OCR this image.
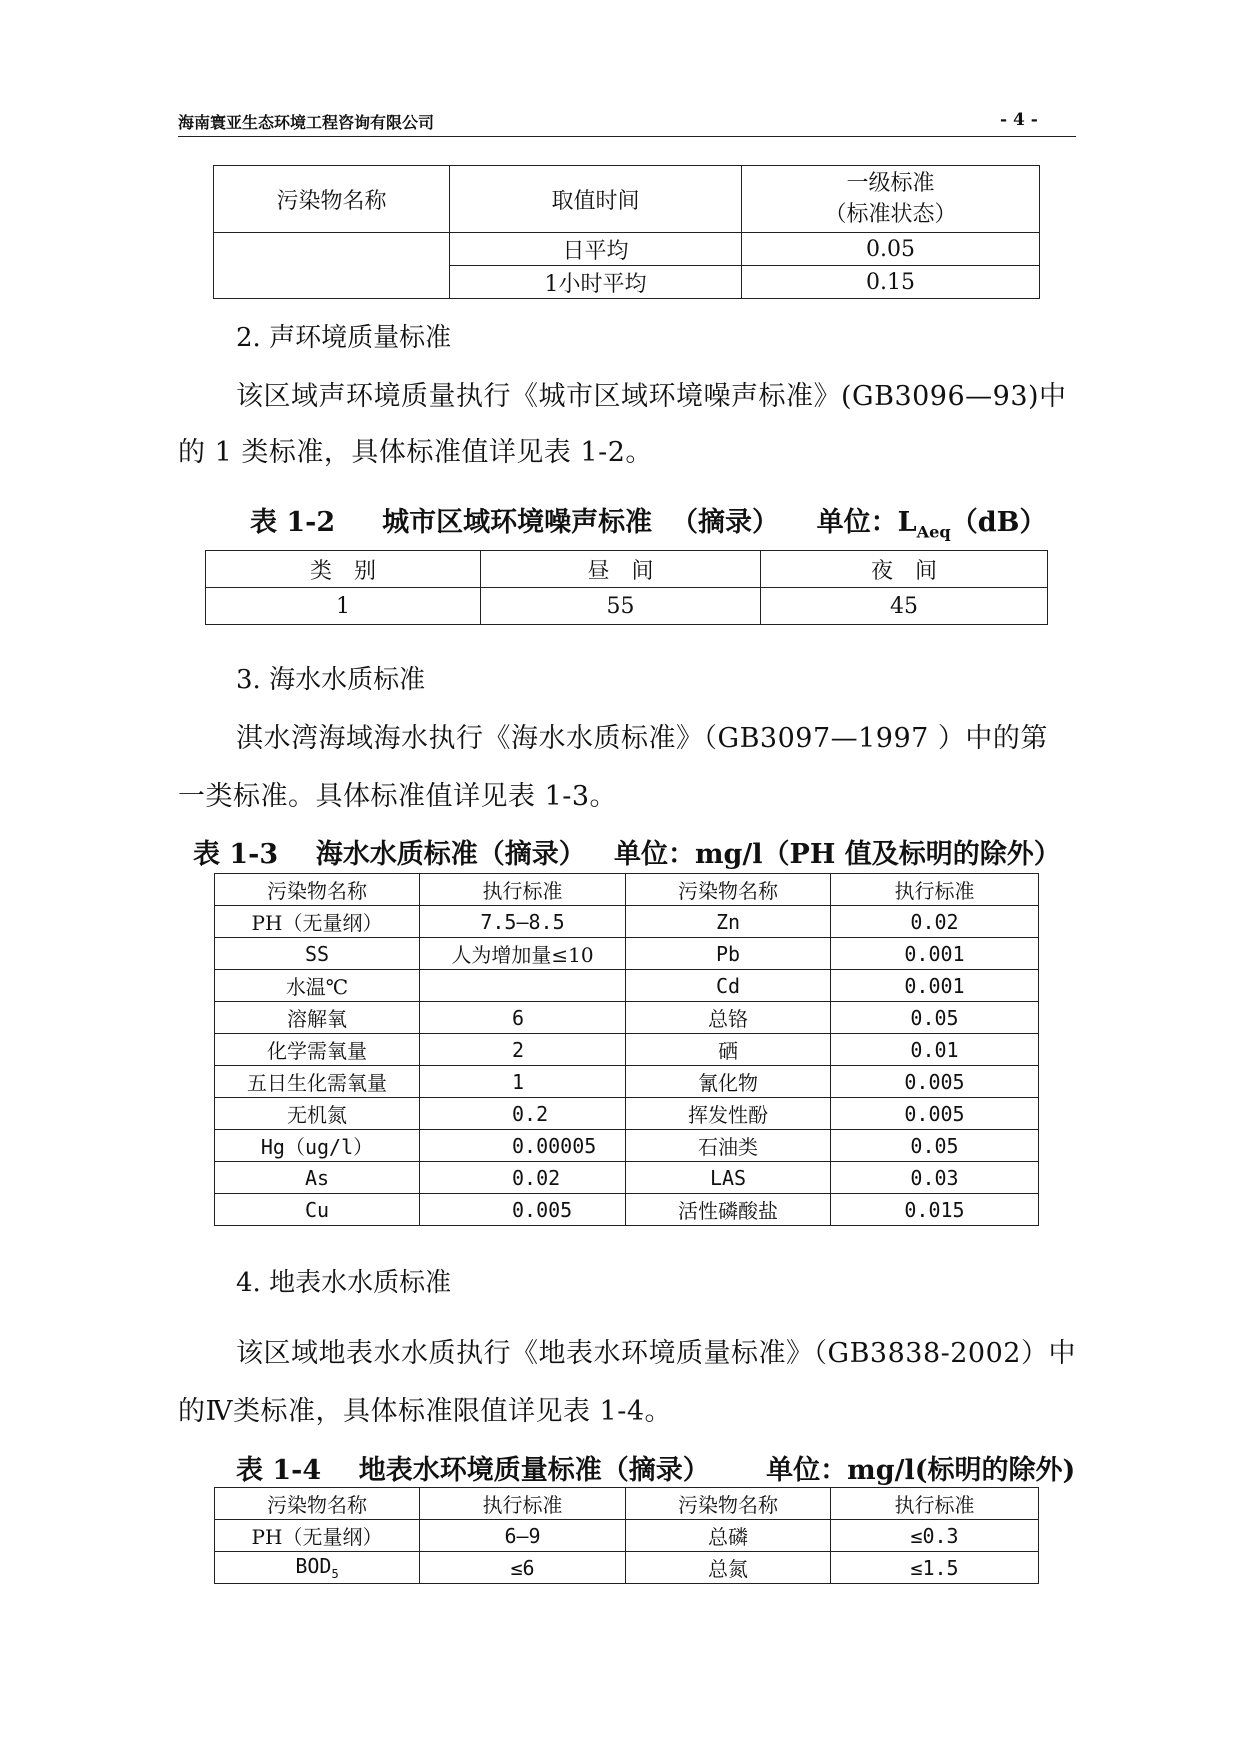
海南寰亚生态环境工程咨询有限公司	- 4 -
污染物名称	取值时间	一级标准
（标准状态）

	日平均	0.05
	1小时平均	0.15
2. 声环境质量标准
该区域声环境质量执行《城市区域环境噪声标准》(GB3096—93)中
的 1 类标准，具体标准值详见表 1-2。
表 1-2     城市区域环境噪声标准  （摘录）    单位：$L_{Aeq}(dB)$
类　别	昼　间	夜　间
1	55	45
3. 海水水质标准
淇水湾海域海水执行《海水水质标准》（GB3097—1997 ）中的第
一类标准。具体标准值详见表 1-3。
表 1-3    海水水质标准（摘录）   单位：mg/l（PH 值及标明的除外）
污染物名称	执行标准	污染物名称	执行标准
PH（无量纲）	7.5—8.5	Zn	0.02
SS	人为增加量≤10	Pb	0.001
水温℃		Cd	0.001
溶解氧	6	总铬	0.05
化学需氧量	2	硒	0.01
五日生化需氧量	1	氰化物	0.005
无机氮	0.2	挥发性酚	0.005
Hg（ug/l）	0.00005	石油类	0.05
As	0.02	LAS	0.03
Cu	0.005	活性磷酸盐	0.015
4. 地表水水质标准
该区域地表水水质执行《地表水环境质量标准》（GB3838-2002）中
的Ⅳ类标准，具体标准限值详见表 1-4。
表 1-4    地表水环境质量标准（摘录）      单位：mg/l(标明的除外)
污染物名称	执行标准	污染物名称	执行标准
PH（无量纲）	6—9	总磷	≤0.3
$BOD_5$	≤6	总氮	≤1.5
